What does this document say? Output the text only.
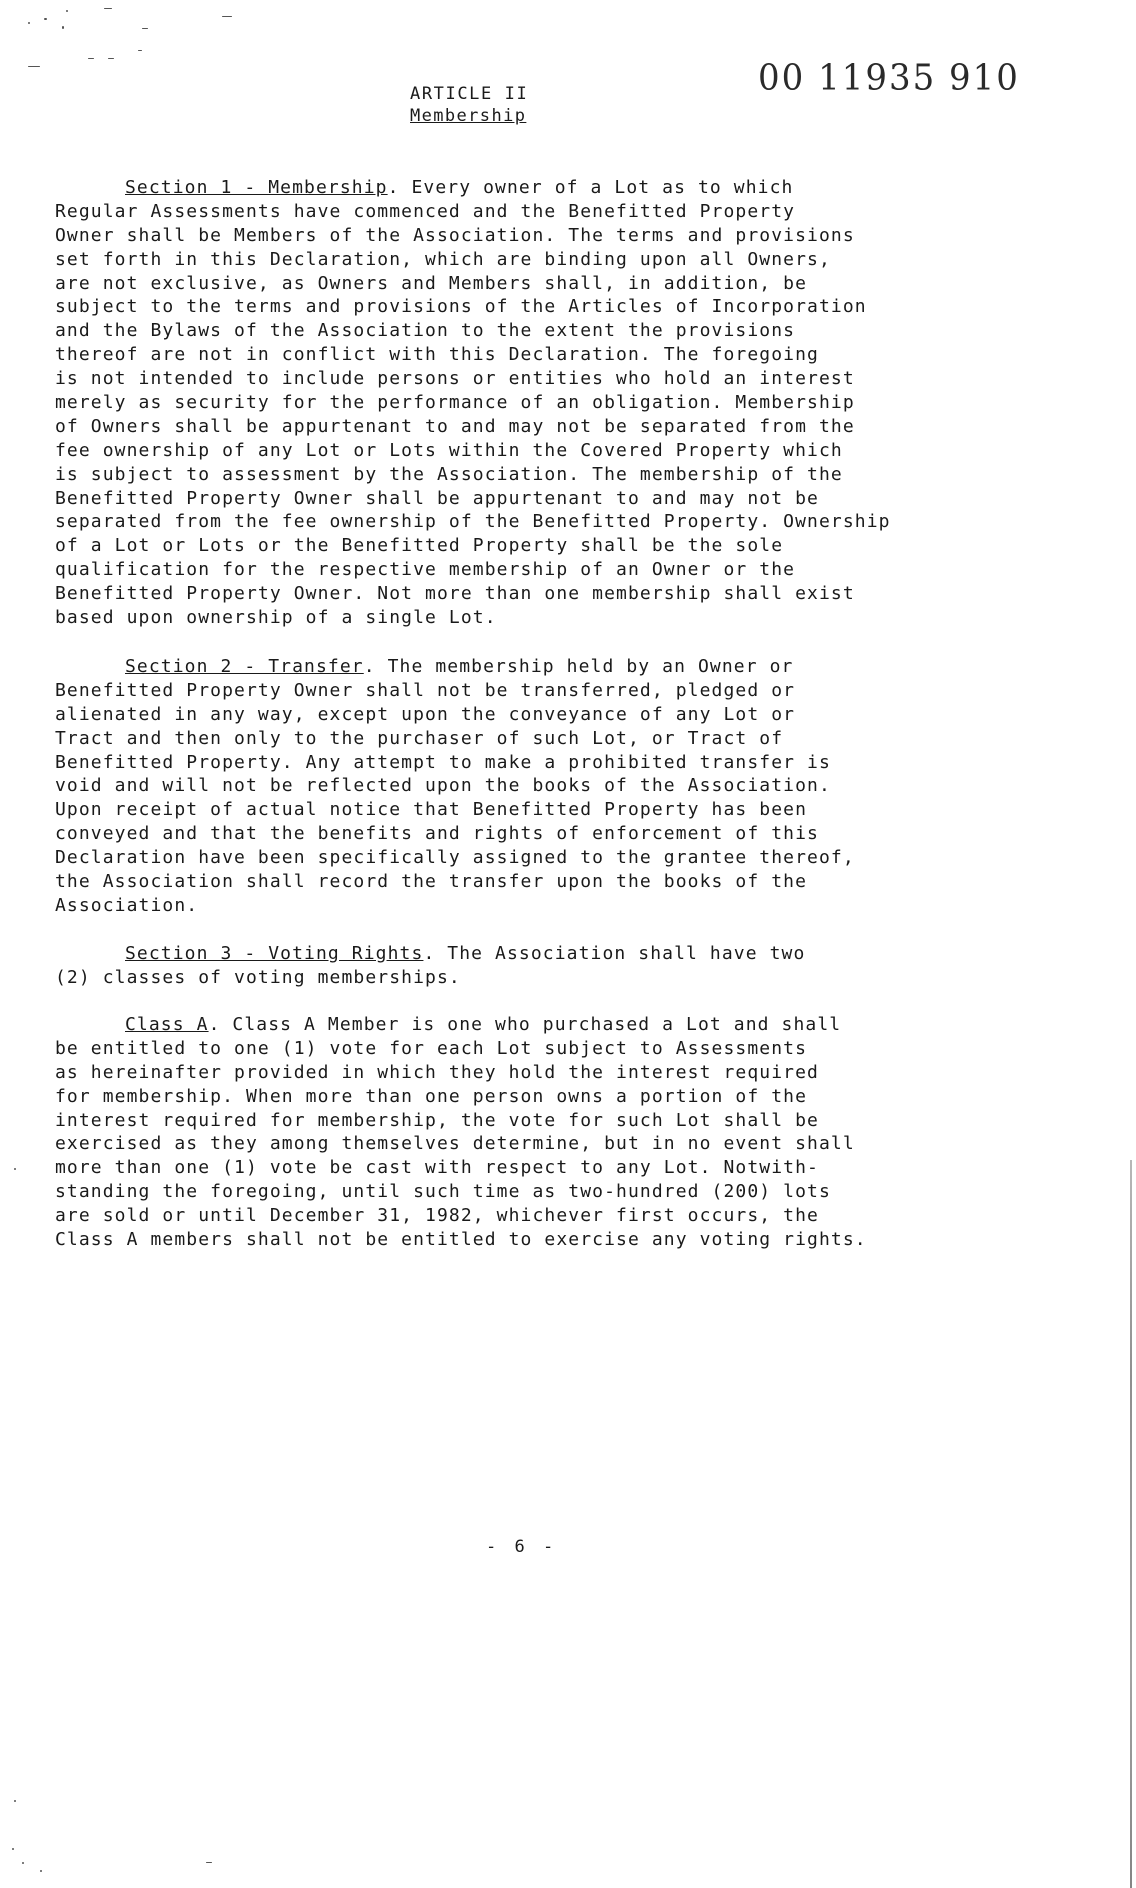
00 11935 910
ARTICLE II
Membership
Section 1 - Membership. Every owner of a Lot as to which
Regular Assessments have commenced and the Benefitted Property
Owner shall be Members of the Association. The terms and provisions
set forth in this Declaration, which are binding upon all Owners,
are not exclusive, as Owners and Members shall, in addition, be
subject to the terms and provisions of the Articles of Incorporation
and the Bylaws of the Association to the extent the provisions
thereof are not in conflict with this Declaration. The foregoing
is not intended to include persons or entities who hold an interest
merely as security for the performance of an obligation. Membership
of Owners shall be appurtenant to and may not be separated from the
fee ownership of any Lot or Lots within the Covered Property which
is subject to assessment by the Association. The membership of the
Benefitted Property Owner shall be appurtenant to and may not be
separated from the fee ownership of the Benefitted Property. Ownership
of a Lot or Lots or the Benefitted Property shall be the sole
qualification for the respective membership of an Owner or the
Benefitted Property Owner. Not more than one membership shall exist
based upon ownership of a single Lot.
Section 2 - Transfer. The membership held by an Owner or
Benefitted Property Owner shall not be transferred, pledged or
alienated in any way, except upon the conveyance of any Lot or
Tract and then only to the purchaser of such Lot, or Tract of
Benefitted Property. Any attempt to make a prohibited transfer is
void and will not be reflected upon the books of the Association.
Upon receipt of actual notice that Benefitted Property has been
conveyed and that the benefits and rights of enforcement of this
Declaration have been specifically assigned to the grantee thereof,
the Association shall record the transfer upon the books of the
Association.
Section 3 - Voting Rights. The Association shall have two
(2) classes of voting memberships.
Class A. Class A Member is one who purchased a Lot and shall
be entitled to one (1) vote for each Lot subject to Assessments
as hereinafter provided in which they hold the interest required
for membership. When more than one person owns a portion of the
interest required for membership, the vote for such Lot shall be
exercised as they among themselves determine, but in no event shall
more than one (1) vote be cast with respect to any Lot. Notwith-
standing the foregoing, until such time as two-hundred (200) lots
are sold or until December 31, 1982, whichever first occurs, the
Class A members shall not be entitled to exercise any voting rights.
- 6 -
